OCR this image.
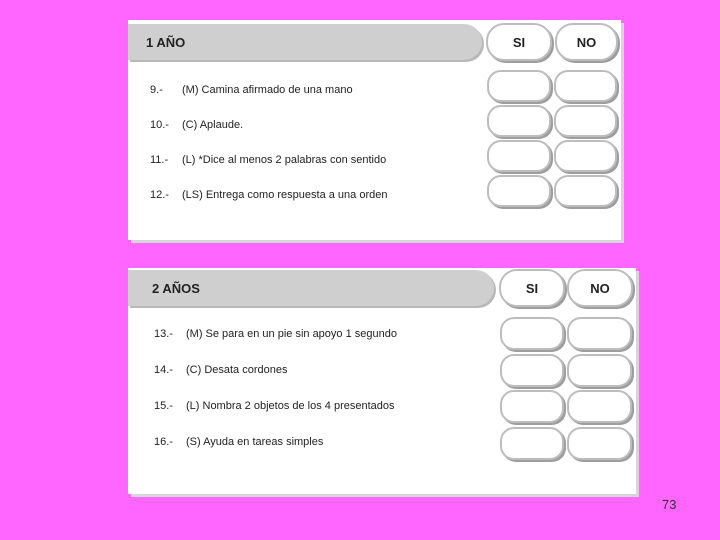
1 AÑO	SI	NO
9.- (M) Camina afirmado de una mano
10.- (C) Aplaude.
11.- (L) *Dice al menos 2 palabras con sentido
12.- (LS) Entrega como respuesta a una orden
2 AÑOS	SI	NO
13.- (M) Se para en un pie sin apoyo 1 segundo
14.- (C) Desata cordones
15.- (L) Nombra 2 objetos de los 4 presentados
16.- (S) Ayuda en tareas simples
73
